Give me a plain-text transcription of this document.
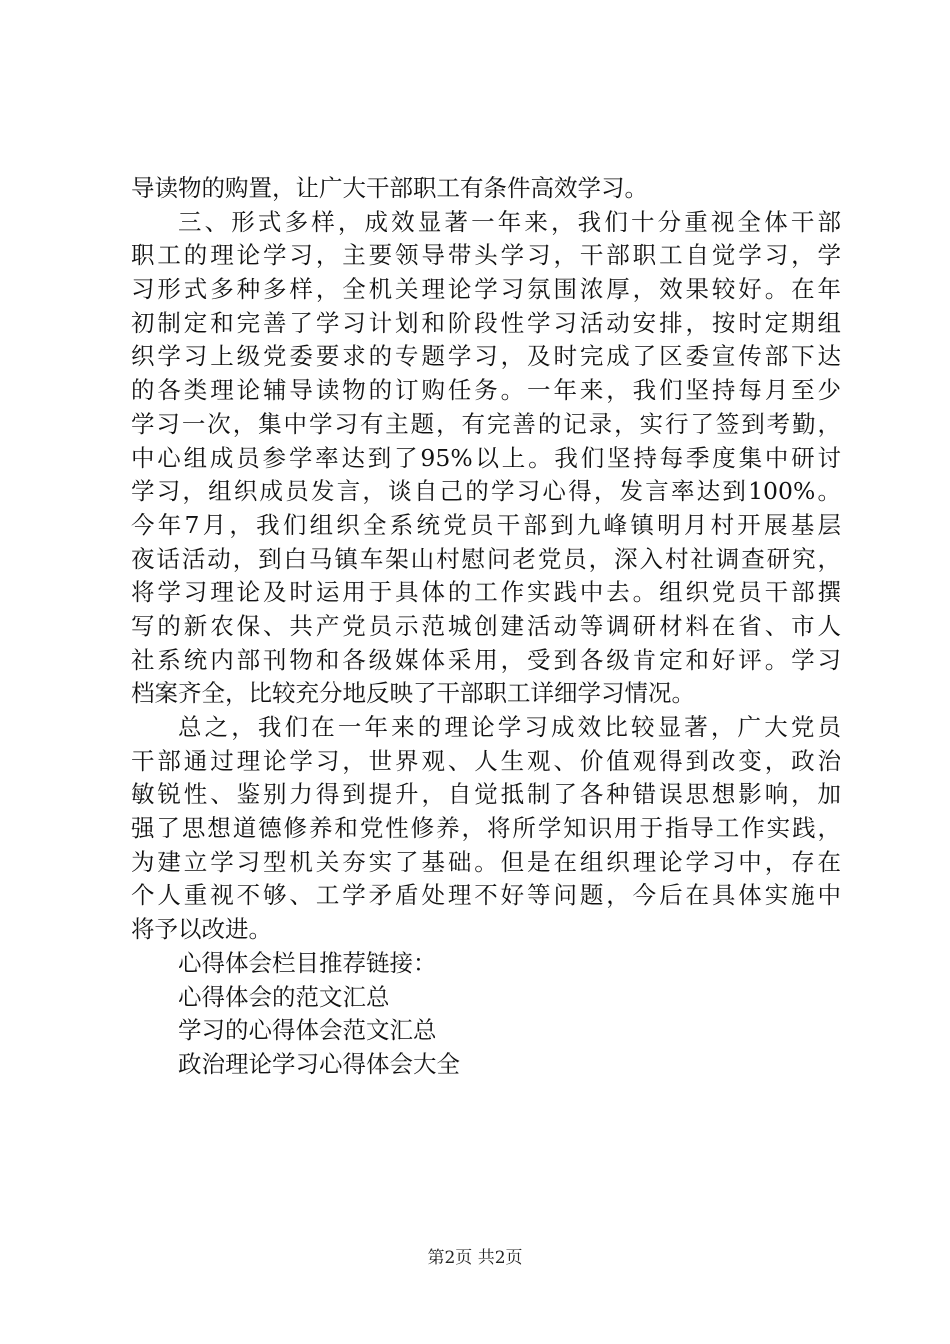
导读物的购置，让广大干部职工有条件高效学习。
三、形式多样，成效显著一年来，我们十分重视全体干部
职工的理论学习，主要领导带头学习，干部职工自觉学习，学
习形式多种多样，全机关理论学习氛围浓厚，效果较好。在年
初制定和完善了学习计划和阶段性学习活动安排，按时定期组
织学习上级党委要求的专题学习，及时完成了区委宣传部下达
的各类理论辅导读物的订购任务。一年来，我们坚持每月至少
学习一次，集中学习有主题，有完善的记录，实行了签到考勤，
中心组成员参学率达到了95%以上。我们坚持每季度集中研讨
学习，组织成员发言，谈自己的学习心得，发言率达到100%。
今年7月，我们组织全系统党员干部到九峰镇明月村开展基层
夜话活动，到白马镇车架山村慰问老党员，深入村社调查研究，
将学习理论及时运用于具体的工作实践中去。组织党员干部撰
写的新农保、共产党员示范城创建活动等调研材料在省、市人
社系统内部刊物和各级媒体采用，受到各级肯定和好评。学习
档案齐全，比较充分地反映了干部职工详细学习情况。
总之，我们在一年来的理论学习成效比较显著，广大党员
干部通过理论学习，世界观、人生观、价值观得到改变，政治
敏锐性、鉴别力得到提升，自觉抵制了各种错误思想影响，加
强了思想道德修养和党性修养，将所学知识用于指导工作实践，
为建立学习型机关夯实了基础。但是在组织理论学习中，存在
个人重视不够、工学矛盾处理不好等问题，今后在具体实施中
将予以改进。
心得体会栏目推荐链接：
心得体会的范文汇总
学习的心得体会范文汇总
政治理论学习心得体会大全
第2页 共2页
